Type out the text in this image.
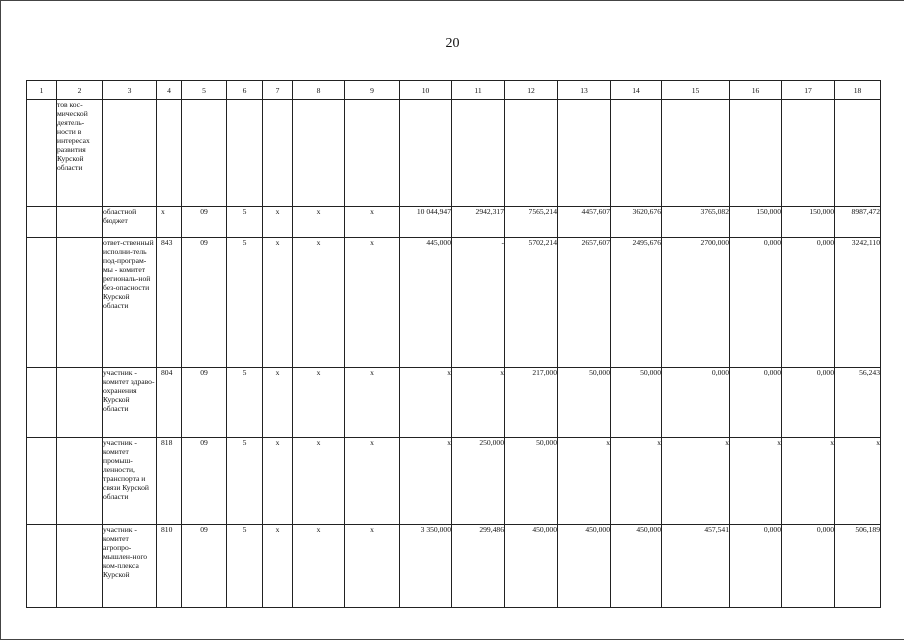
20
1	2	3	4	5	6	7	8	9	10	11	12	13	14	15	16	17	18
	тов кос-мической деятель-ности в интересах развития Курской области																
		областной бюджет	x	09	5	x	x	x	10 044,947	2942,317	7565,214	4457,607	3620,676	3765,082	150,000	150,000	8987,472
		ответ-ственный исполни-тель под-програм-мы - комитет региональ-ной без-опасности Курской области	843	09	5	x	x	x	445,000	-	5702,214	2657,607	2495,676	2700,000	0,000	0,000	3242,110
		участник - комитет здраво-охранения Курской области	804	09	5	x	x	x	x	x	217,000	50,000	50,000	0,000	0,000	0,000	56,243
		участник - комитет промыш-ленности, транспорта и связи Курской области	818	09	5	x	x	x	x	250,000	50,000	x	x	x	x	x	x
		участник - комитет агропро-мышлен-ного ком-плекса Курской	810	09	5	x	x	x	3 350,000	299,486	450,000	450,000	450,000	457,541	0,000	0,000	506,189
